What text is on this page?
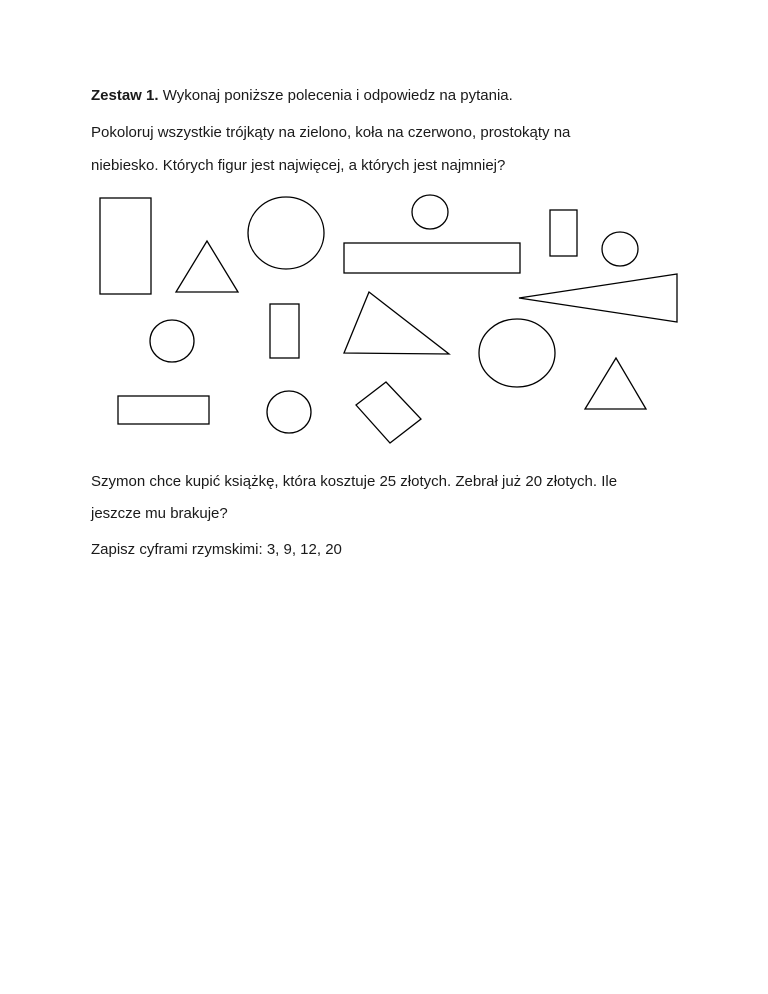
Zestaw 1. Wykonaj poniższe polecenia i odpowiedz na pytania.
Pokoloruj wszystkie trójkąty na zielono, koła na czerwono, prostokąty na
niebiesko. Których figur jest najwięcej, a których jest najmniej?
Szymon chce kupić książkę, która kosztuje 25 złotych. Zebrał już 20 złotych. Ile
jeszcze mu brakuje?
Zapisz cyframi rzymskimi: 3, 9, 12, 20
